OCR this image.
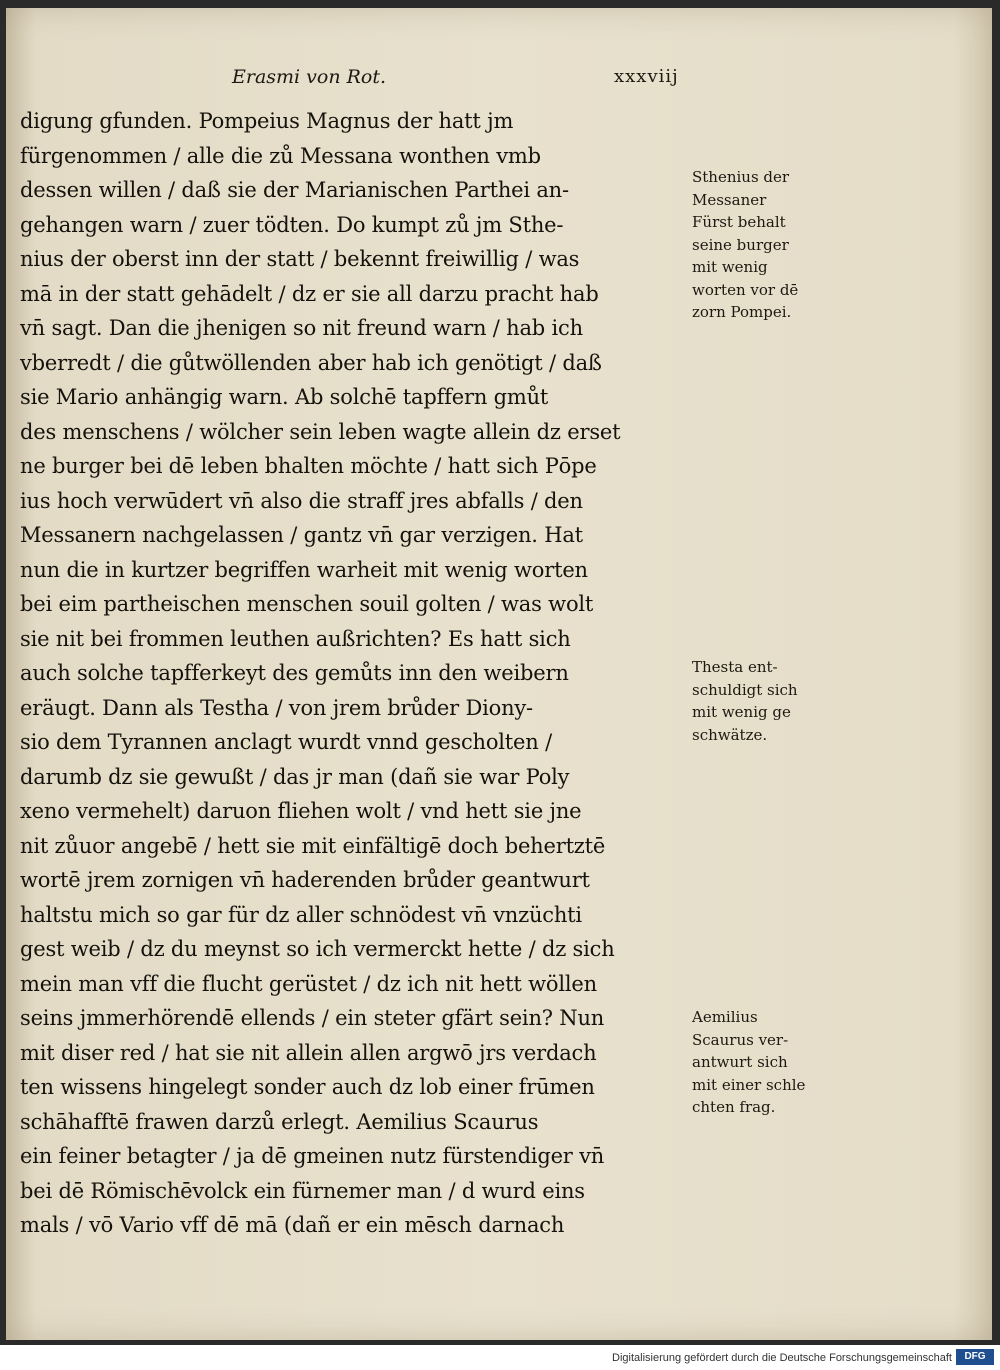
Erasmi von Rot.	xxxviij
digung gfunden. Pompeius Magnus der hatt jm
fürgenommen / alle die zů Messana wonthen vmb
dessen willen / daß sie der Marianischen Parthei an-
gehangen warn / zuer tödten. Do kumpt zů jm Sthe-
nius der oberst inn der statt / bekennt freiwillig / was
mā in der statt gehādelt / dz er sie all darzu pracht hab
vn̄ sagt. Dan die jhenigen so nit freund warn / hab ich
vberredt / die gůtwöllenden aber hab ich genötigt / daß
sie Mario anhängig warn. Ab solchē tapffern gmůt
des menschens / wölcher sein leben wagte allein dz erset
ne burger bei dē leben bhalten möchte / hatt sich Pōpe
ius hoch verwūdert vn̄ also die straff jres abfalls / den
Messanern nachgelassen / gantz vn̄ gar verzigen. Hat
nun die in kurtzer begriffen warheit mit wenig worten
bei eim partheischen menschen souil golten / was wolt
sie nit bei frommen leuthen außrichten? Es hatt sich
auch solche tapfferkeyt des gemůts inn den weibern
eräugt. Dann als Testha / von jrem brůder Diony-
sio dem Tyrannen anclagt wurdt vnnd gescholten /
darumb dz sie gewußt / das jr man (dañ sie war Poly
xeno vermehelt) daruon fliehen wolt / vnd hett sie jne
nit zůuor angebē / hett sie mit einfältigē doch behertztē
wortē jrem zornigen vn̄ haderenden brůder geantwurt
haltstu mich so gar für dz aller schnödest vn̄ vnzüchti
gest weib / dz du meynst so ich vermerckt hette / dz sich
mein man vff die flucht gerüstet / dz ich nit hett wöllen
seins jmmerhörendē ellends / ein steter gfärt sein? Nun
mit diser red / hat sie nit allein allen argwō jrs verdach
ten wissens hingelegt sonder auch dz lob einer frūmen
schāhafftē frawen darzů erlegt. Aemilius Scaurus
ein feiner betagter / ja dē gmeinen nutz fürstendiger vn̄
bei dē Römischēvolck ein fürnemer man / d wurd eins
mals / vō Vario vff dē mā (dañ er ein mēsch darnach
Sthenius der
Messaner
Fürst behalt
seine burger
mit wenig
worten vor dē
zorn Pompei.
Thesta ent-
schuldigt sich
mit wenig ge
schwätze.
Aemilius
Scaurus ver-
antwurt sich
mit einer schle
chten frag.
Digitalisierung gefördert durch die Deutsche Forschungsgemeinschaft	DFG
